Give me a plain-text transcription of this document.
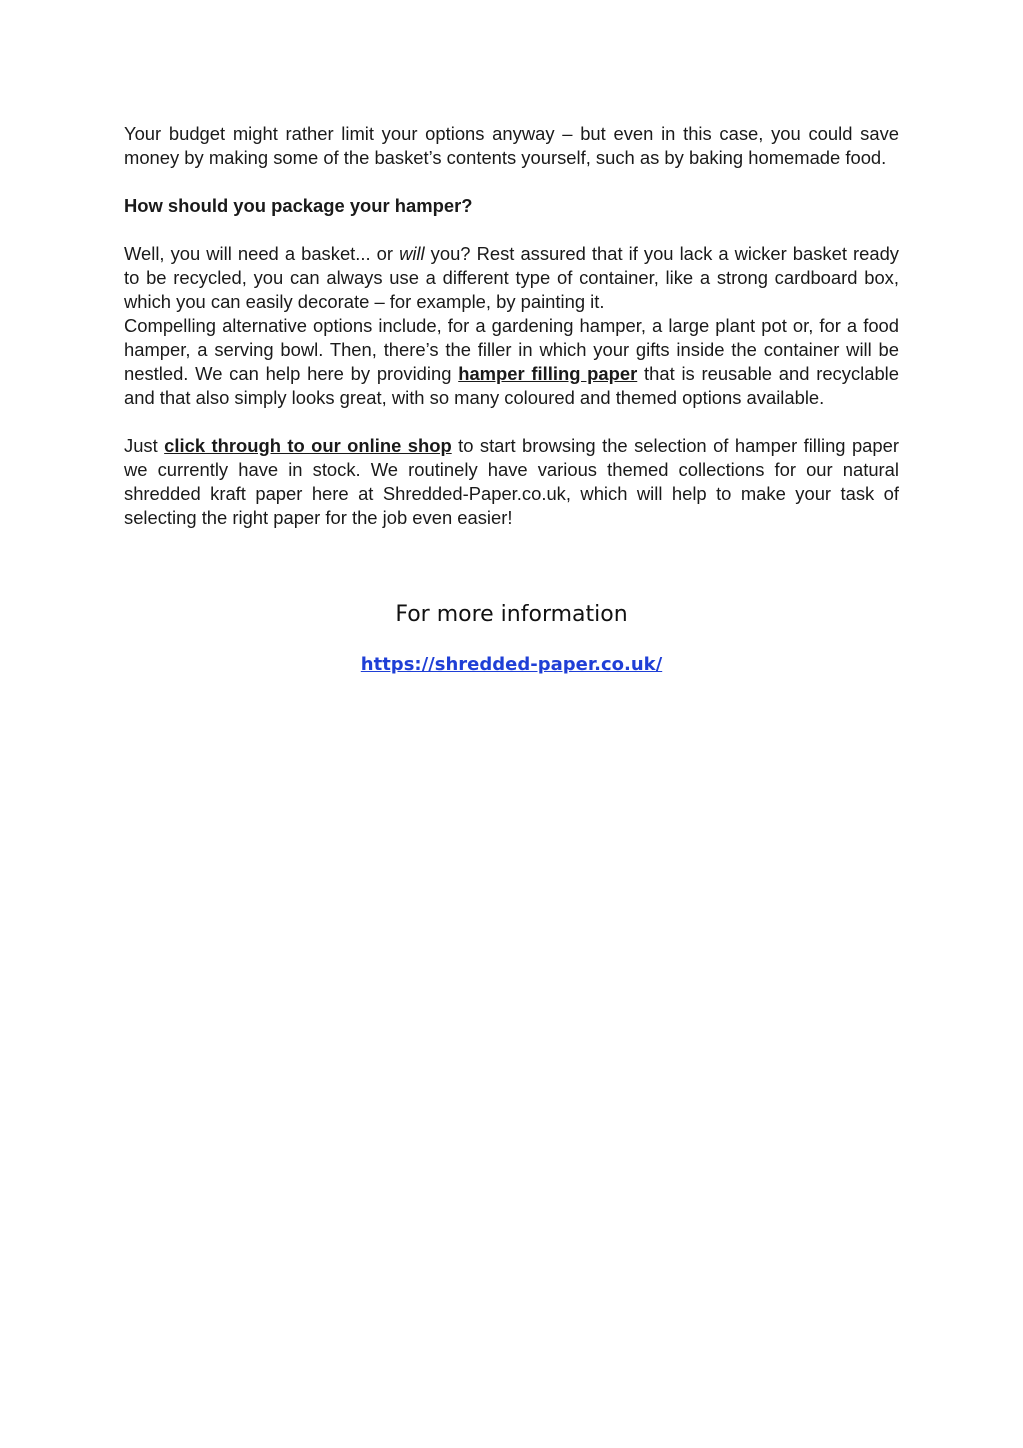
Your budget might rather limit your options anyway – but even in this case, you could save money by making some of the basket’s contents yourself, such as by baking homemade food.

How should you package your hamper?

Well, you will need a basket... or will you? Rest assured that if you lack a wicker basket ready to be recycled, you can always use a different type of container, like a strong cardboard box, which you can easily decorate – for example, by painting it.

Compelling alternative options include, for a gardening hamper, a large plant pot or, for a food hamper, a serving bowl. Then, there’s the filler in which your gifts inside the container will be nestled. We can help here by providing hamper filling paper that is reusable and recyclable and that also simply looks great, with so many coloured and themed options available.

Just click through to our online shop to start browsing the selection of hamper filling paper we currently have in stock. We routinely have various themed collections for our natural shredded kraft paper here at Shredded-Paper.co.uk, which will help to make your task of selecting the right paper for the job even easier!

For more information
https://shredded-paper.co.uk/
